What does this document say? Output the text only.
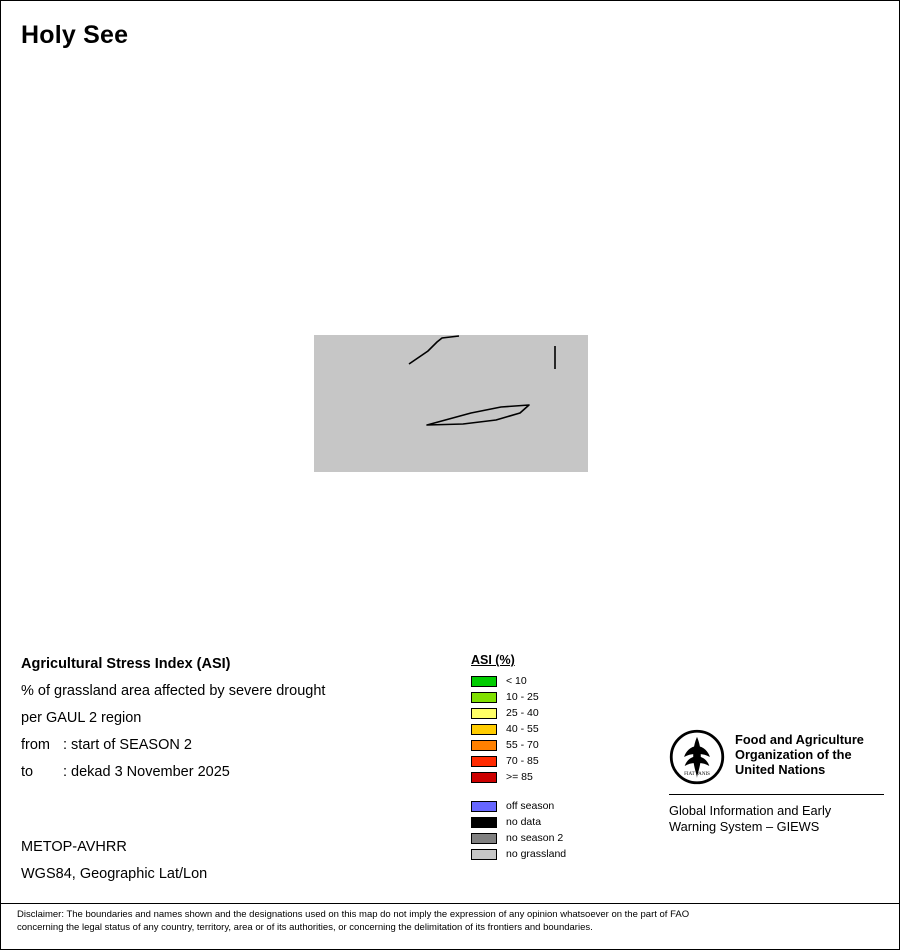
Holy See
Agricultural Stress Index (ASI)
% of grassland area affected by severe drought
per GAUL 2 region
from : start of SEASON 2
to : dekad 3 November 2025
METOP-AVHRR
WGS84, Geographic Lat/Lon
ASI (%)
< 10
10 - 25
25 - 40
40 - 55
55 - 70
70 - 85
>= 85
off season
no data
no season 2
no grassland
FIAT PANIS
Food and Agriculture
Organization of the
United Nations
Global Information and Early
Warning System – GIEWS
Disclaimer: The boundaries and names shown and the designations used on this map do not imply the expression of any opinion whatsoever on the part of FAO
concerning the legal status of any country, territory, area or of its authorities, or concerning the delimitation of its frontiers and boundaries.
